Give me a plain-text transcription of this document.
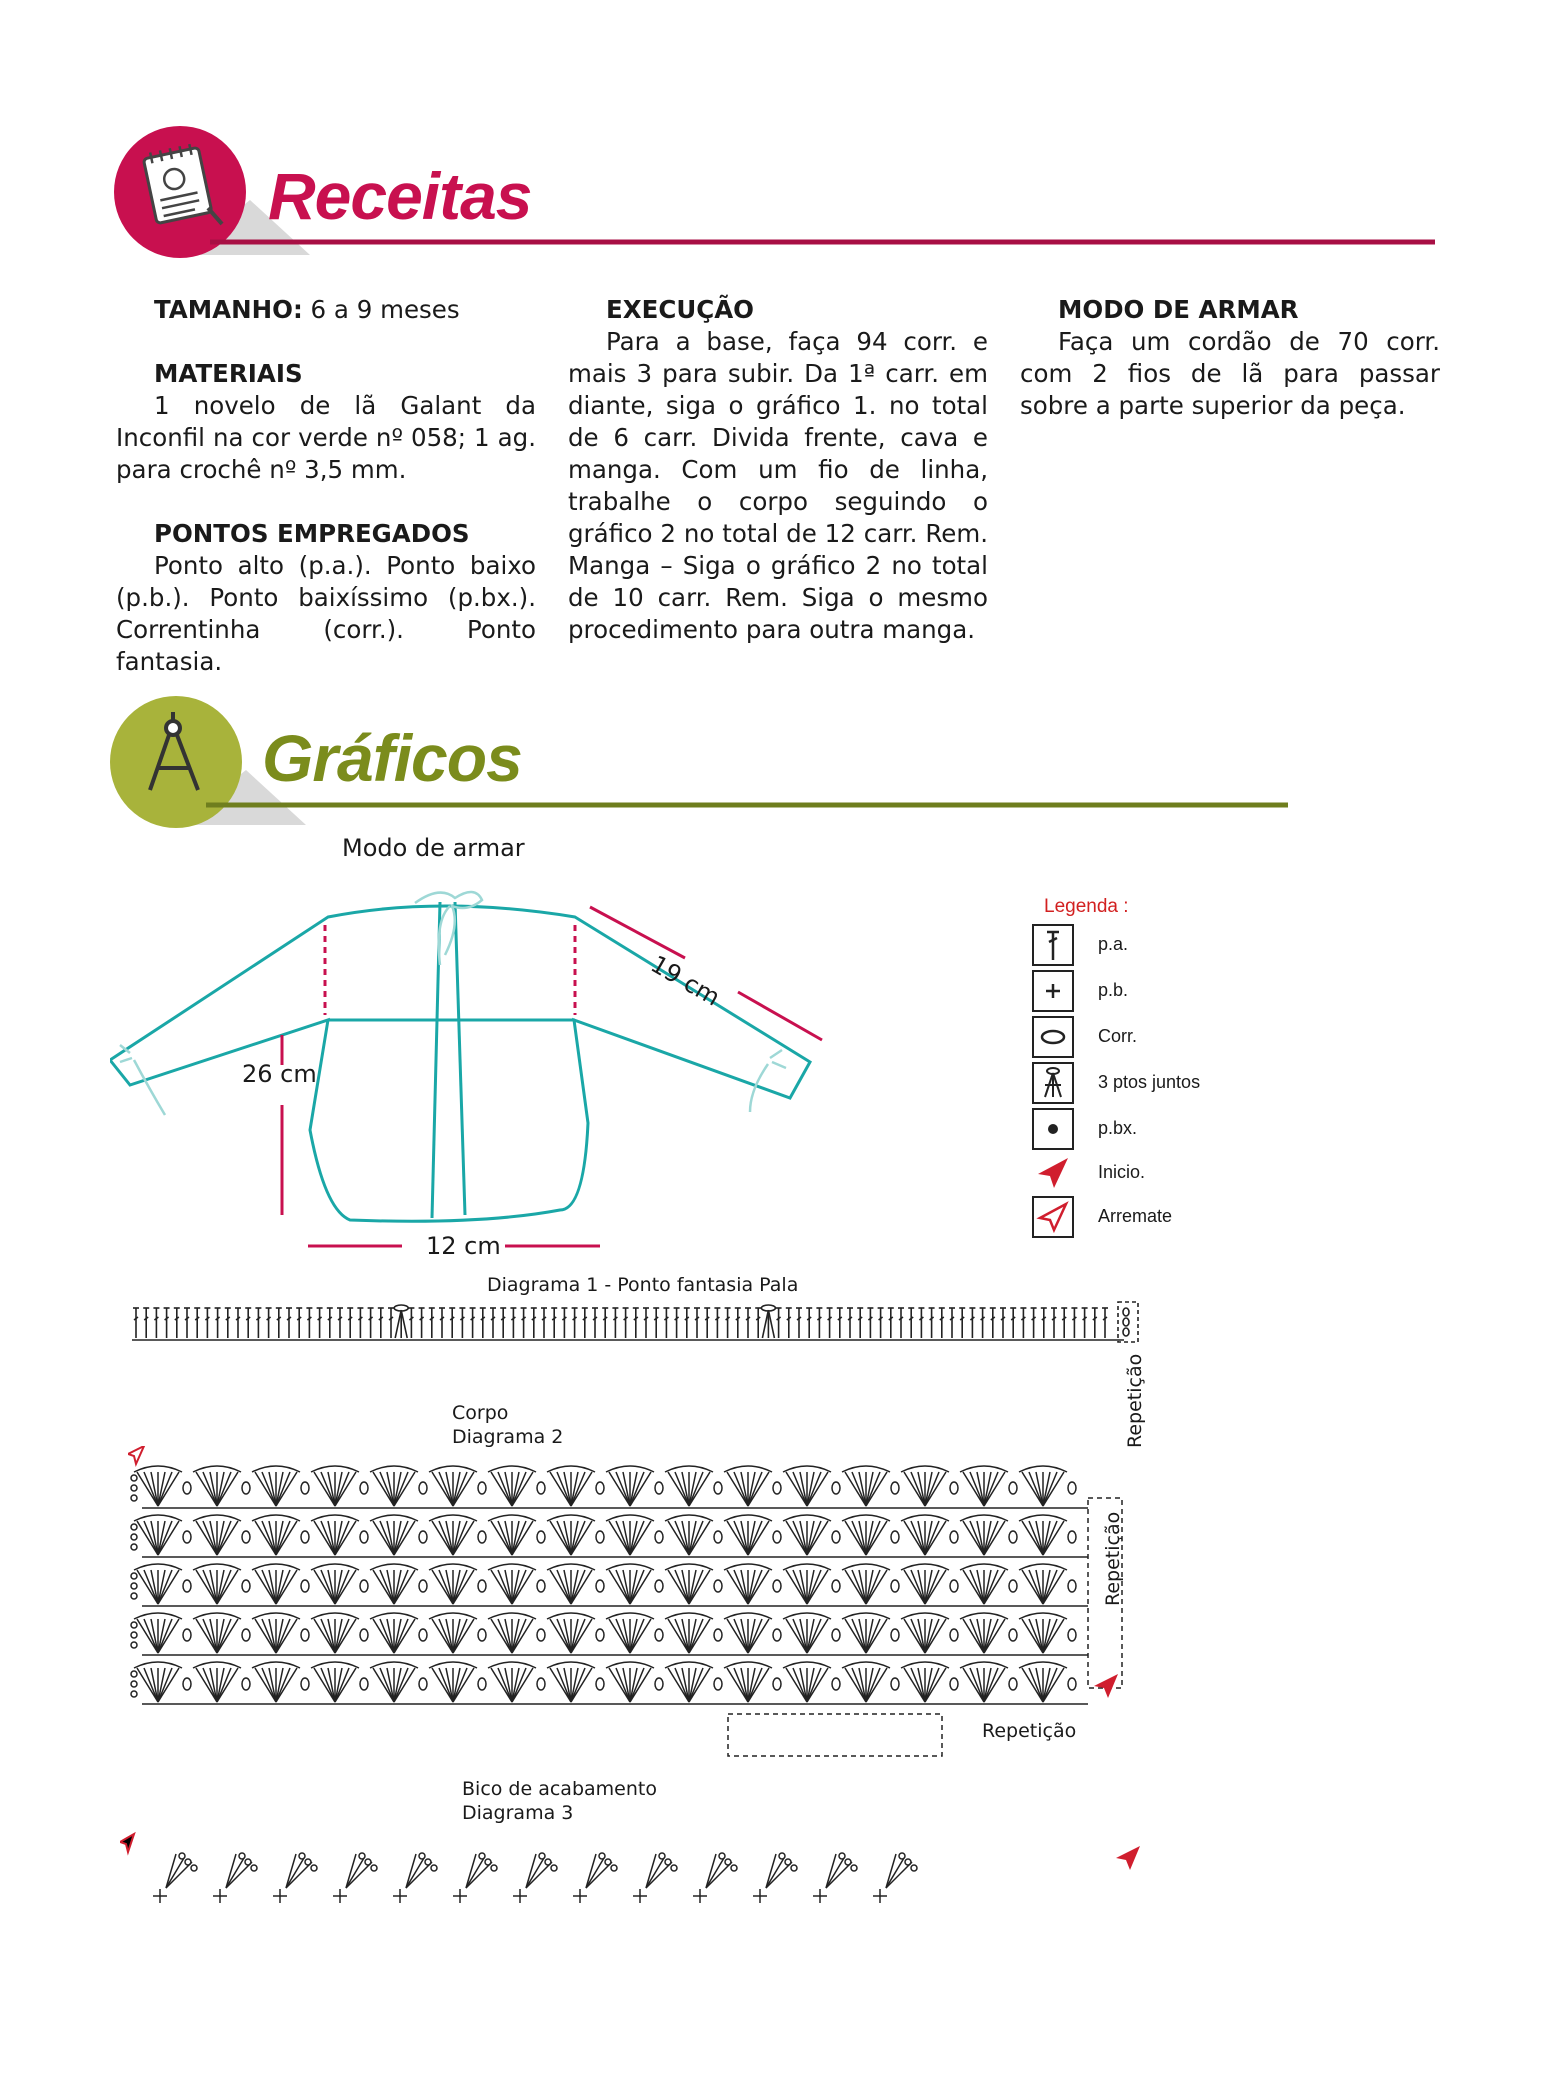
Receitas

TAMANHO: 6 a 9 meses

MATERIAIS

1 novelo de lã Galant da Inconfil na cor verde nº 058; 1 ag. para crochê nº 3,5 mm.

PONTOS EMPREGADOS

Ponto alto (p.a.). Ponto baixo (p.b.). Ponto baixíssimo (p.bx.). Correntinha (corr.). Ponto fantasia.

EXECUÇÃO

Para a base, faça 94 corr. e mais 3 para subir. Da 1ª carr. em diante, siga o gráfico 1. no total de 6 carr. Divida frente, cava e manga. Com um fio de linha, trabalhe o corpo seguindo o gráfico 2 no total de 12 carr. Rem. Manga – Siga o gráfico 2 no total de 10 carr. Rem. Siga o mesmo procedimento para outra manga.

MODO DE ARMAR

Faça um cordão de 70 corr. com 2 fios de lã para passar sobre a parte superior da peça.

Gráficos
Modo de armar
19 cm
26 cm
12 cm
Legenda :
p.a.
p.b.
Corr.
3 ptos juntos
p.bx.
Inicio.
Arremate
Diagrama 1 - Ponto fantasia Pala
Repetição
Corpo
Diagrama 2
Repetição
Repetição
Bico de acabamento
Diagrama 3
